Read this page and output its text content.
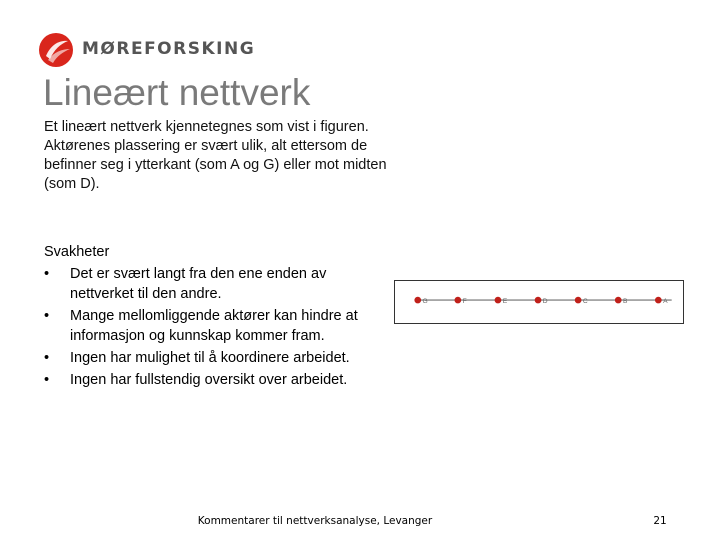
MØREFORSKING
Lineært nettverk

Et lineært nettverk kjennetegnes som vist i figuren. Aktørenes plassering er svært ulik, alt ettersom de befinner seg i ytterkant (som A og G) eller mot midten (som D).

Svakheter

• Det er svært langt fra den ene enden av nettverket til den andre.
• Mange mellomliggende aktører kan hindre at informasjon og kunnskap kommer fram.
• Ingen har mulighet til å koordinere arbeidet.
• Ingen har fullstendig oversikt over arbeidet.
G	F	E	D	C	B	A
Kommentarer til nettverksanalyse, Levanger	21
